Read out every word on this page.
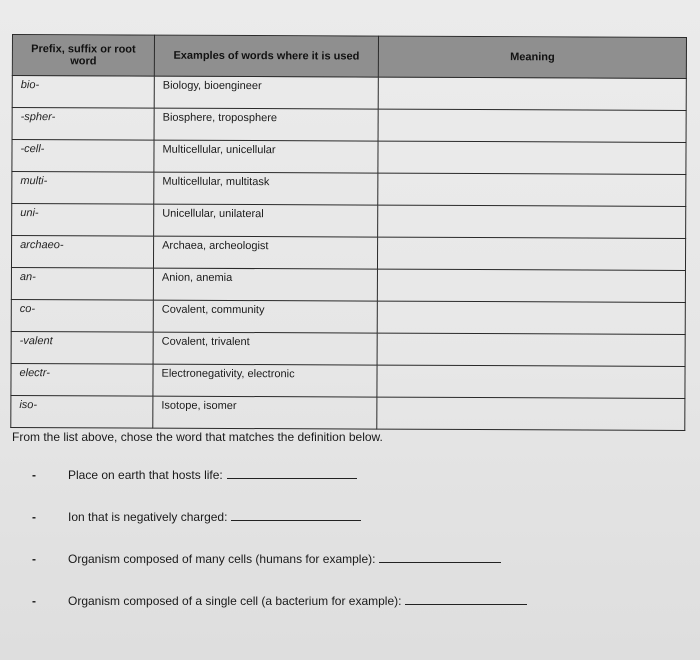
Prefix, suffix or root word	Examples of words where it is used	Meaning
bio-	Biology, bioengineer	
-spher-	Biosphere, troposphere	
-cell-	Multicellular, unicellular	
multi-	Multicellular, multitask	
uni-	Unicellular, unilateral	
archaeo-	Archaea, archeologist	
an-	Anion, anemia	
co-	Covalent, community	
-valent	Covalent, trivalent	
electr-	Electronegativity, electronic	
iso-	Isotope, isomer	

From the list above, chose the word that matches the definition below.

-	Place on earth that hosts life:
-	Ion that is negatively charged:
-	Organism composed of many cells (humans for example):
-	Organism composed of a single cell (a bacterium for example):
